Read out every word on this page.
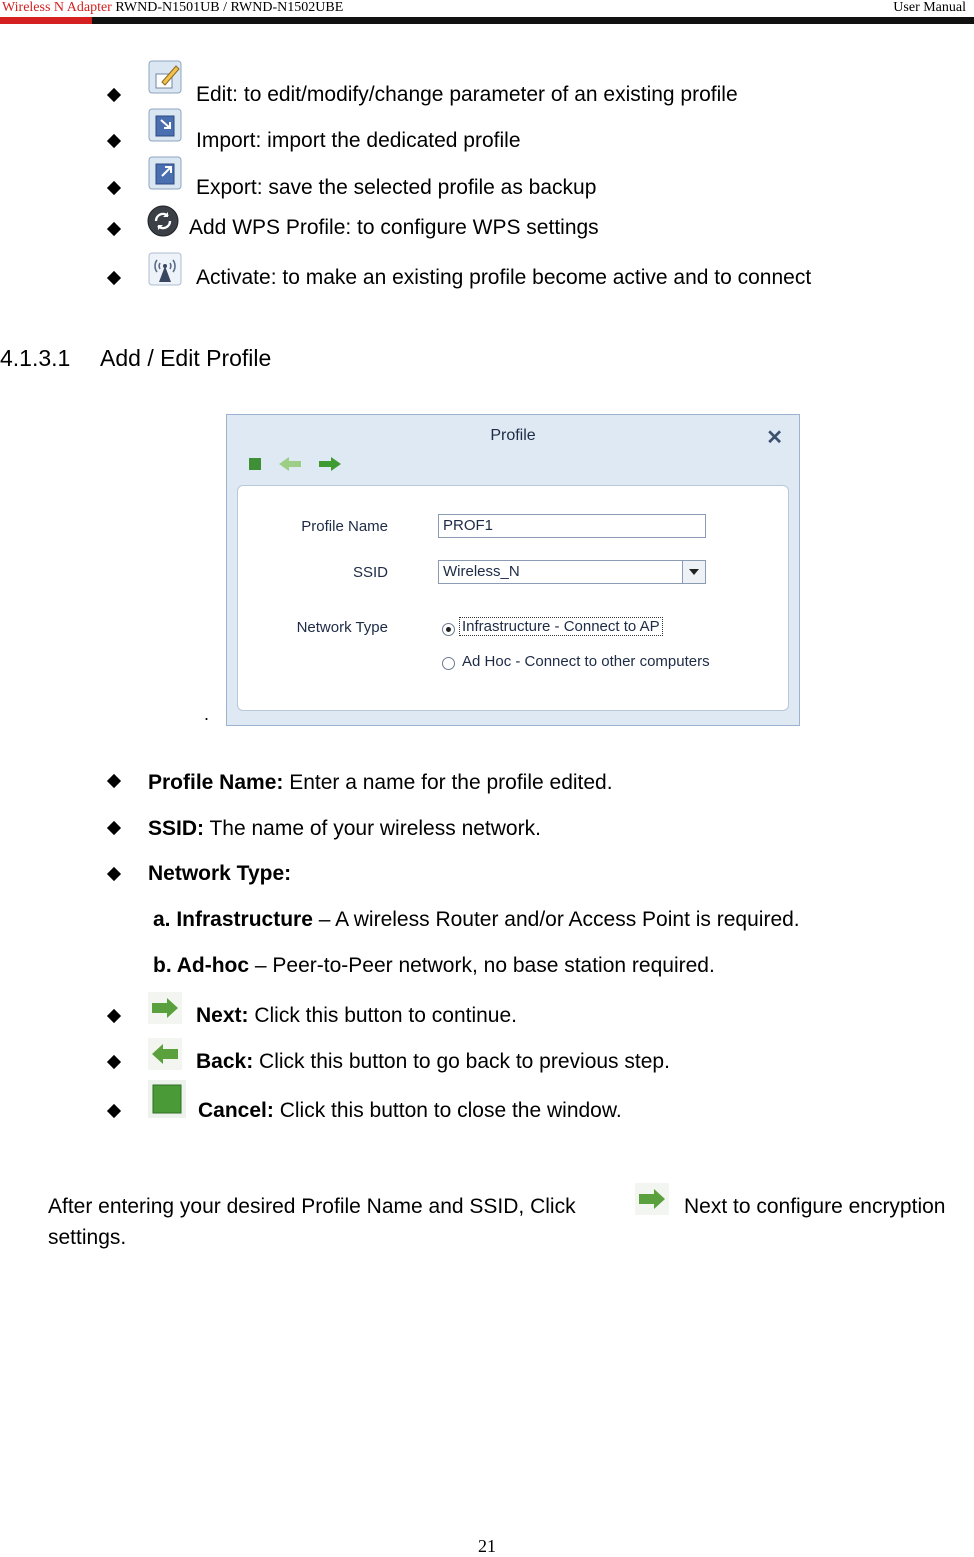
Wireless N Adapter RWND-N1501UB / RWND-N1502UBE	User Manual
Edit: to edit/modify/change parameter of an existing profile
Import: import the dedicated profile
Export: save the selected profile as backup
Add WPS Profile: to configure WPS settings
Activate: to make an existing profile become active and to connect
4.1.3.1 Add / Edit Profile
.
Profile	✕
Profile Name	PROF1
SSID	Wireless_N
Network Type	Infrastructure - Connect to AP
Ad Hoc - Connect to other computers
Profile Name: Enter a name for the profile edited.
SSID: The name of your wireless network.
Network Type:
a. Infrastructure – A wireless Router and/or Access Point is required.
b. Ad-hoc – Peer-to-Peer network, no base station required.
Next: Click this button to continue.
Back: Click this button to go back to previous step.
Cancel: Click this button to close the window.
After entering your desired Profile Name and SSID, Click	Next to configure encryption
settings.
21
